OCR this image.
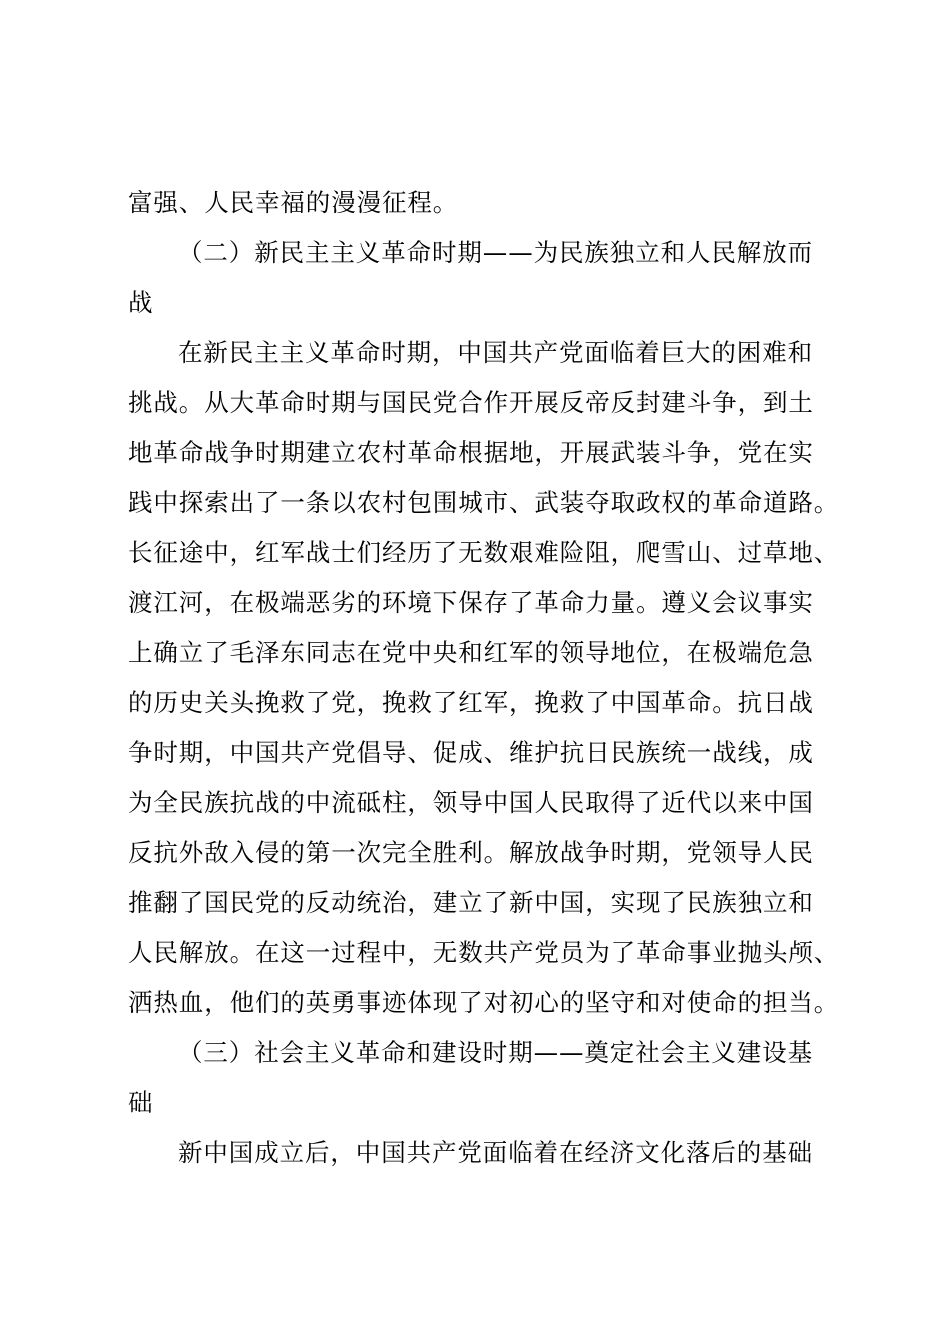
富强、人民幸福的漫漫征程。
（二）新民主主义革命时期——为民族独立和人民解放而
战
在新民主主义革命时期，中国共产党面临着巨大的困难和
挑战。从大革命时期与国民党合作开展反帝反封建斗争，到土
地革命战争时期建立农村革命根据地，开展武装斗争，党在实
践中探索出了一条以农村包围城市、武装夺取政权的革命道路。
长征途中，红军战士们经历了无数艰难险阻，爬雪山、过草地、
渡江河，在极端恶劣的环境下保存了革命力量。遵义会议事实
上确立了毛泽东同志在党中央和红军的领导地位，在极端危急
的历史关头挽救了党，挽救了红军，挽救了中国革命。抗日战
争时期，中国共产党倡导、促成、维护抗日民族统一战线，成
为全民族抗战的中流砥柱，领导中国人民取得了近代以来中国
反抗外敌入侵的第一次完全胜利。解放战争时期，党领导人民
推翻了国民党的反动统治，建立了新中国，实现了民族独立和
人民解放。在这一过程中，无数共产党员为了革命事业抛头颅、
洒热血，他们的英勇事迹体现了对初心的坚守和对使命的担当。
（三）社会主义革命和建设时期——奠定社会主义建设基
础
新中国成立后，中国共产党面临着在经济文化落后的基础
